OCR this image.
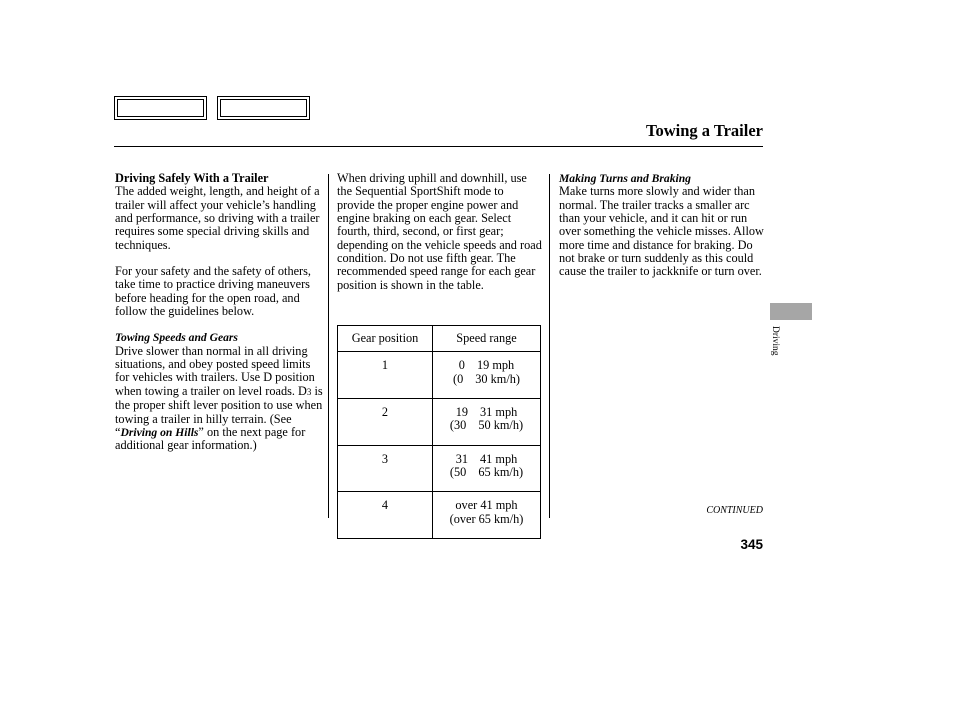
Towing a Trailer

Driving Safely With a Trailer

The added weight, length, and height of a trailer will affect your vehicle’s handling and performance, so driving with a trailer requires some special driving skills and techniques.

For your safety and the safety of others, take time to practice driving maneuvers before heading for the open road, and follow the guidelines below.

Towing Speeds and Gears

Drive slower than normal in all driving situations, and obey posted speed limits for vehicles with trailers. Use D position when towing a trailer on level roads. D3 is the proper shift lever position to use when towing a trailer in hilly terrain. (See “Driving on Hills” on the next page for additional gear information.)

When driving uphill and downhill, use the Sequential SportShift mode to provide the proper engine power and engine braking on each gear. Select fourth, third, second, or first gear; depending on the vehicle speeds and road condition. Do not use fifth gear. The recommended speed range for each gear position is shown in the table.

Gear position	Speed range
1	0 19 mph
(0 30 km/h)

2	19 31 mph
(30 50 km/h)

3	31 41 mph
(50 65 km/h)

4	over 41 mph
(over 65 km/h)

Making Turns and Braking

Make turns more slowly and wider than normal. The trailer tracks a smaller arc than your vehicle, and it can hit or run over something the vehicle misses. Allow more time and distance for braking. Do not brake or turn suddenly as this could cause the trailer to jackknife or turn over.

Driving
CONTINUED
345
